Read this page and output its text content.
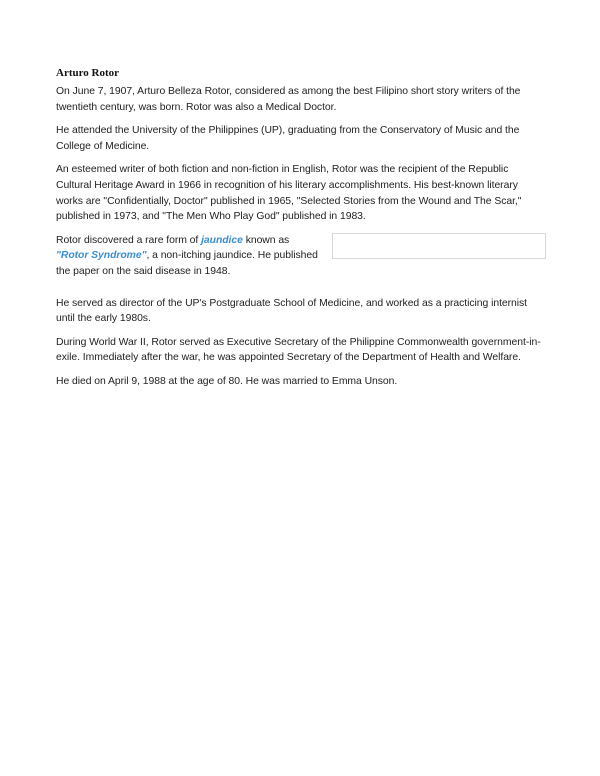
Arturo Rotor

On June 7, 1907, Arturo Belleza Rotor, considered as among the best Filipino short story writers of the twentieth century, was born. Rotor was also a Medical Doctor.

He attended the University of the Philippines (UP), graduating from the Conservatory of Music and the College of Medicine.

An esteemed writer of both fiction and non-fiction in English, Rotor was the recipient of the Republic Cultural Heritage Award in 1966 in recognition of his literary accomplishments. His best-known literary works are "Confidentially, Doctor" published in 1965, "Selected Stories from the Wound and The Scar," published in 1973, and "The Men Who Play God" published in 1983.

Rotor discovered a rare form of jaundice known as "Rotor Syndrome", a non-itching jaundice. He published the paper on the said disease in 1948.

He served as director of the UP's Postgraduate School of Medicine, and worked as a practicing internist until the early 1980s.

During World War II, Rotor served as Executive Secretary of the Philippine Commonwealth government-in-exile. Immediately after the war, he was appointed Secretary of the Department of Health and Welfare.

He died on April 9, 1988 at the age of 80. He was married to Emma Unson.
